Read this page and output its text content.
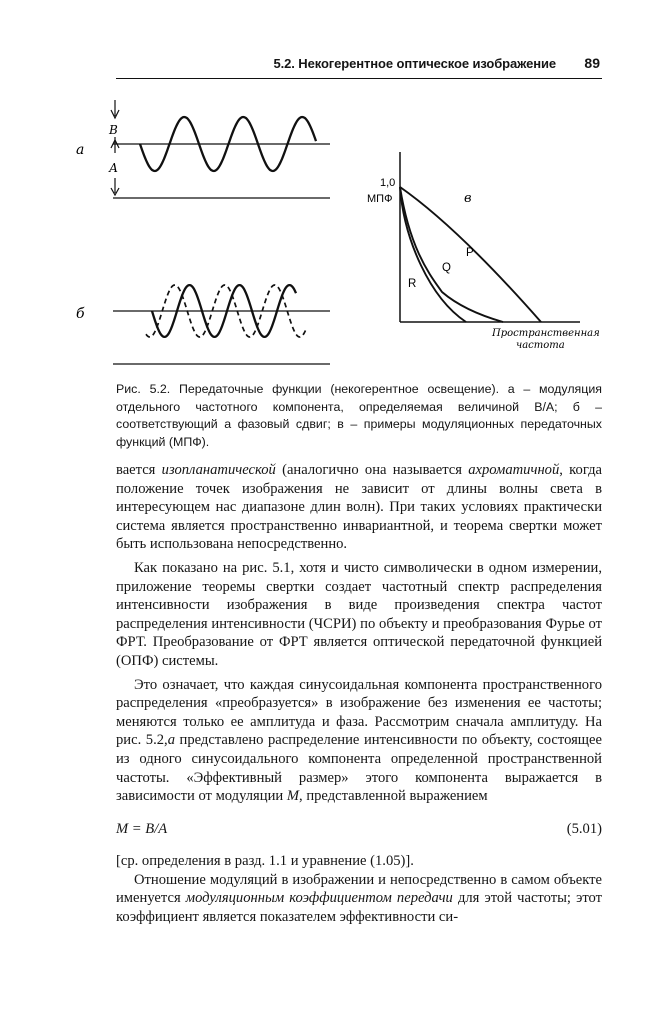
5.2. Некогерентное оптическое изображение 89
а
В
А
б
1,0
МПФ	в
P
Q
R
Пространственная
частота
Рис. 5.2. Передаточные функции (некогерентное освещение). а – модуляция отдельного частотного компонента, определяемая величиной B/A; б – соответствующий а фазовый сдвиг; в – примеры модуляционных передаточных функций (МПФ).

вается изопланатической (аналогично она называется ахроматичной, когда положение точек изображения не зависит от длины волны света в интересующем нас диапазоне длин волн). При таких условиях практически система является пространственно инвариантной, и теорема свертки может быть использована непосредственно.

Как показано на рис. 5.1, хотя и чисто символически в одном измерении, приложение теоремы свертки создает частотный спектр распределения интенсивности изображения в виде произведения спектра частот распределения интенсивности (ЧСРИ) по объекту и преобразования Фурье от ФРТ. Преобразование от ФРТ является оптической передаточной функцией (ОПФ) системы.

Это означает, что каждая синусоидальная компонента пространственного распределения «преобразуется» в изображение без изменения ее частоты; меняются только ее амплитуда и фаза. Рассмотрим сначала амплитуду. На рис. 5.2,а представлено распределение интенсивности по объекту, состоящее из одного синусоидального компонента определенной пространственной частоты. «Эффективный размер» этого компонента выражается в зависимости от модуляции M, представленной выражением

M = B/A	(5.01)

[ср. определения в разд. 1.1 и уравнение (1.05)].

Отношение модуляций в изображении и непосредственно в самом объекте именуется модуляционным коэффициентом передачи для этой частоты; этот коэффициент является показателем эффективности си-
